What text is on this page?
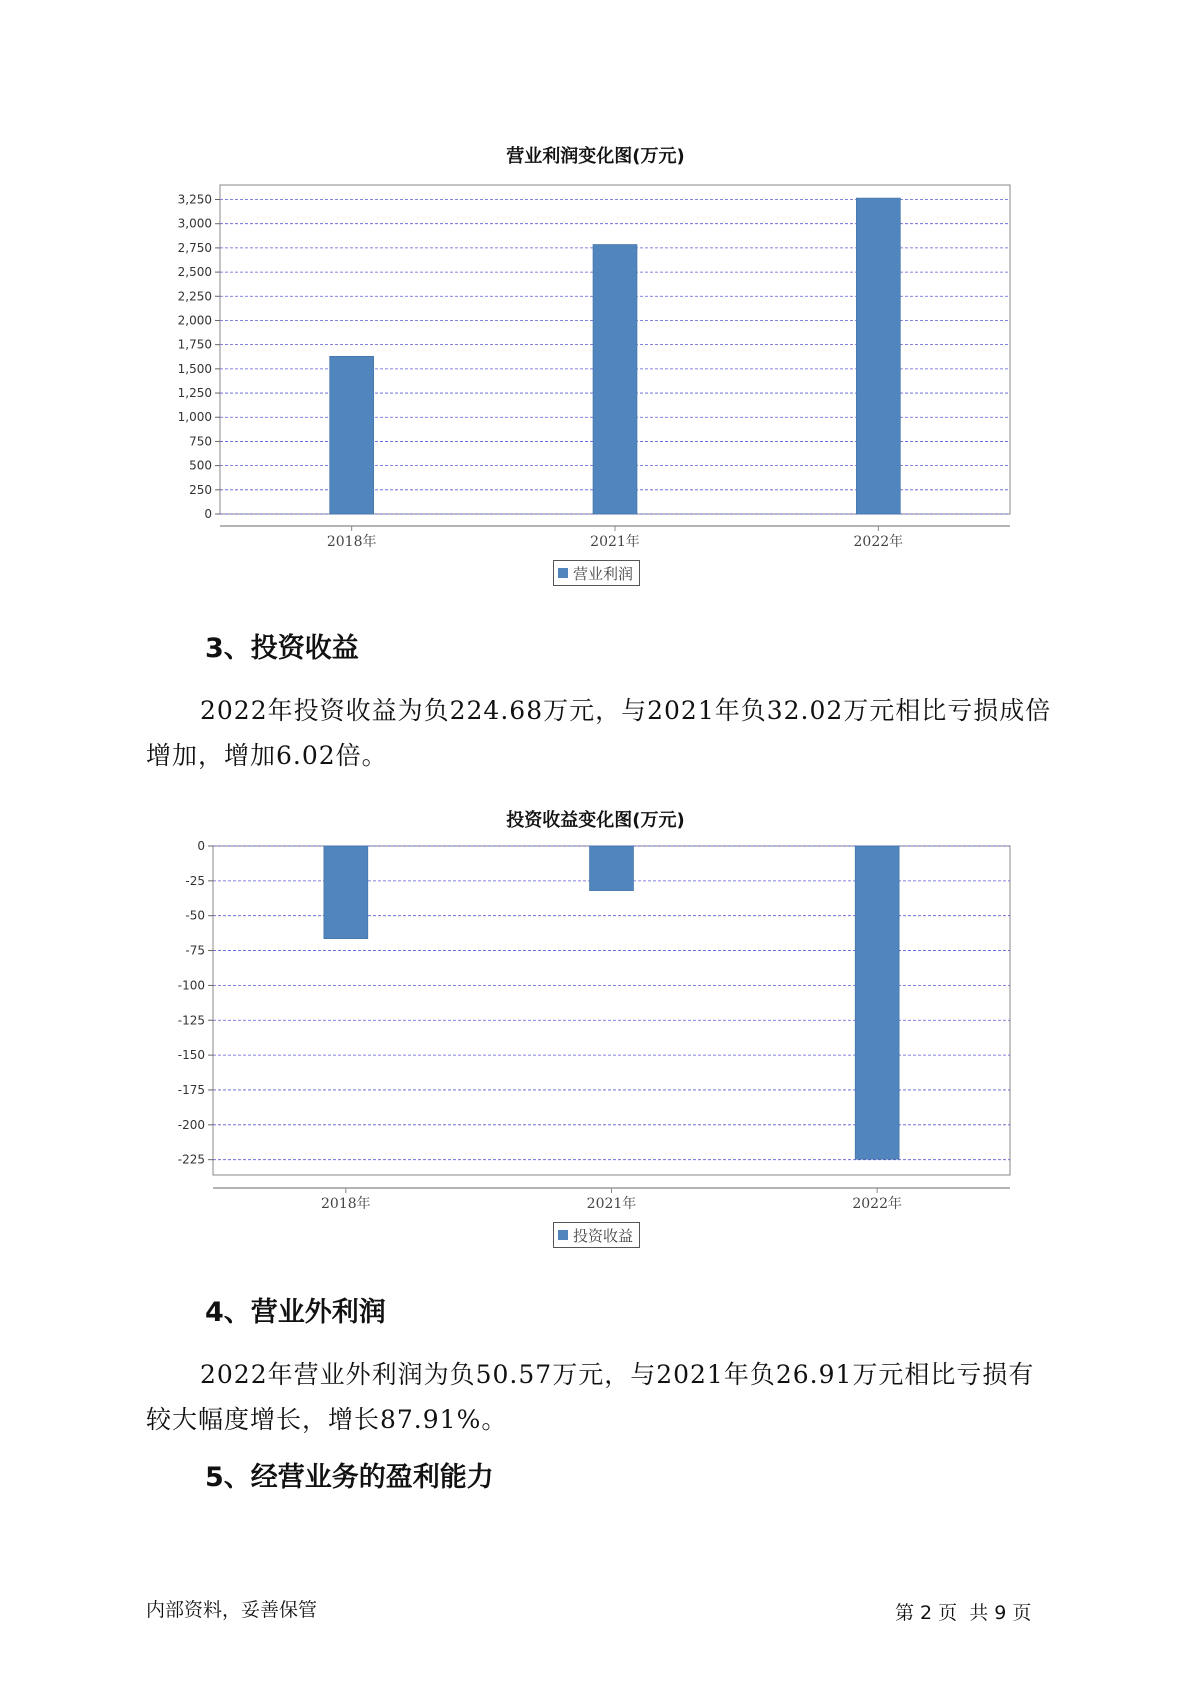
营业利润变化图(万元)
0
250
500
750
1,000
1,250
1,500
1,750
2,000
2,250
2,500
2,750
3,000
3,250
2018年	2021年	2022年
0
-25
-50
-75
-100
-125
-150
-175
-200
-225
2018年	2021年	2022年
营业利润
3、投资收益
2022年投资收益为负224.68万元，与2021年负32.02万元相比亏损成倍
增加，增加6.02倍。
投资收益变化图(万元)
投资收益
4、营业外利润
2022年营业外利润为负50.57万元，与2021年负26.91万元相比亏损有
较大幅度增长，增长87.91%。
5、经营业务的盈利能力
内部资料，妥善保管	第 2 页  共 9 页
